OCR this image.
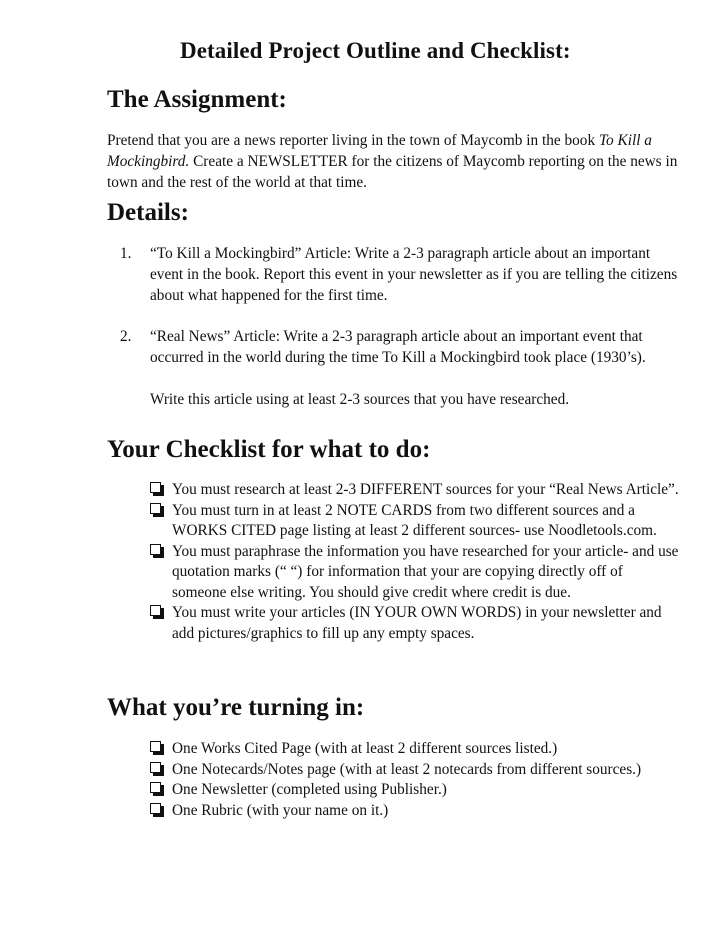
Detailed Project Outline and Checklist:
The Assignment:
Pretend that you are a news reporter living in the town of Maycomb in the book To Kill a Mockingbird. Create a NEWSLETTER for the citizens of Maycomb reporting on the news in town and the rest of the world at that time.
Details:
1. “To Kill a Mockingbird” Article: Write a 2-3 paragraph article about an important event in the book. Report this event in your newsletter as if you are telling the citizens about what happened for the first time.

2. “Real News” Article: Write a 2-3 paragraph article about an important event that occurred in the world during the time To Kill a Mockingbird took place (1930’s).

Write this article using at least 2-3 sources that you have researched.

Your Checklist for what to do:
You must research at least 2-3 DIFFERENT sources for your “Real News Article”.
You must turn in at least 2 NOTE CARDS from two different sources and a WORKS CITED page listing at least 2 different sources- use Noodletools.com.
You must paraphrase the information you have researched for your article- and use quotation marks (“ “) for information that your are copying directly off of someone else writing. You should give credit where credit is due.
You must write your articles (IN YOUR OWN WORDS) in your newsletter and add pictures/graphics to fill up any empty spaces.
What you’re turning in:
One Works Cited Page (with at least 2 different sources listed.)
One Notecards/Notes page (with at least 2 notecards from different sources.)
One Newsletter (completed using Publisher.)
One Rubric (with your name on it.)
